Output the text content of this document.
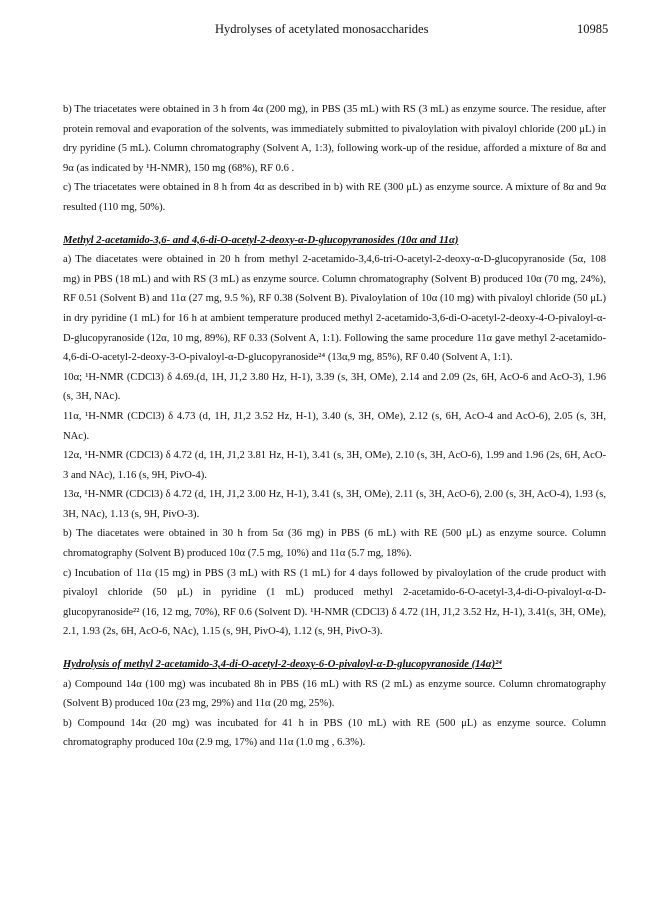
Hydrolyses of acetylated monosaccharides	10985

b) The triacetates were obtained in 3 h from 4α (200 mg), in PBS (35 mL) with RS (3 mL) as enzyme source. The residue, after protein removal and evaporation of the solvents, was immediately submitted to pivaloylation with pivaloyl chloride (200 μL) in dry pyridine (5 mL). Column chromatography (Solvent A, 1:3), following work-up of the residue, afforded a mixture of 8α and 9α (as indicated by ¹H-NMR), 150 mg (68%), RF 0.6 .

c) The triacetates were obtained in 8 h from 4α as described in b) with RE (300 μL) as enzyme source. A mixture of 8α and 9α resulted (110 mg, 50%).

Methyl 2-acetamido-3,6- and 4,6-di-O-acetyl-2-deoxy-α-D-glucopyranosides (10α and 11α)

a) The diacetates were obtained in 20 h from methyl 2-acetamido-3,4,6-tri-O-acetyl-2-deoxy-α-D-glucopyranoside (5α, 108 mg) in PBS (18 mL) and with RS (3 mL) as enzyme source. Column chromatography (Solvent B) produced 10α (70 mg, 24%), RF 0.51 (Solvent B) and 11α (27 mg, 9.5 %), RF 0.38 (Solvent B). Pivaloylation of 10α (10 mg) with pivaloyl chloride (50 μL) in dry pyridine (1 mL) for 16 h at ambient temperature produced methyl 2-acetamido-3,6-di-O-acetyl-2-deoxy-4-O-pivaloyl-α-D-glucopyranoside (12α, 10 mg, 89%), RF 0.33 (Solvent A, 1:1). Following the same procedure 11α gave methyl 2-acetamido-4,6-di-O-acetyl-2-deoxy-3-O-pivaloyl-α-D-glucopyranoside²⁴ (13α,9 mg, 85%), RF 0.40 (Solvent A, 1:1).

10α; ¹H-NMR (CDCl3) δ 4.69.(d, 1H, J1,2 3.80 Hz, H-1), 3.39 (s, 3H, OMe), 2.14 and 2.09 (2s, 6H, AcO-6 and AcO-3), 1.96 (s, 3H, NAc).

11α, ¹H-NMR (CDCl3) δ 4.73 (d, 1H, J1,2 3.52 Hz, H-1), 3.40 (s, 3H, OMe), 2.12 (s, 6H, AcO-4 and AcO-6), 2.05 (s, 3H, NAc).

12α, ¹H-NMR (CDCl3) δ 4.72 (d, 1H, J1,2 3.81 Hz, H-1), 3.41 (s, 3H, OMe), 2.10 (s, 3H, AcO-6), 1.99 and 1.96 (2s, 6H, AcO-3 and NAc), 1.16 (s, 9H, PivO-4).

13α, ¹H-NMR (CDCl3) δ 4.72 (d, 1H, J1,2 3.00 Hz, H-1), 3.41 (s, 3H, OMe), 2.11 (s, 3H, AcO-6), 2.00 (s, 3H, AcO-4), 1.93 (s, 3H, NAc), 1.13 (s, 9H, PivO-3).

b) The diacetates were obtained in 30 h from 5α (36 mg) in PBS (6 mL) with RE (500 μL) as enzyme source. Column chromatography (Solvent B) produced 10α (7.5 mg, 10%) and 11α (5.7 mg, 18%).

c) Incubation of 11α (15 mg) in PBS (3 mL) with RS (1 mL) for 4 days followed by pivaloylation of the crude product with pivaloyl chloride (50 μL) in pyridine (1 mL) produced methyl 2-acetamido-6-O-acetyl-3,4-di-O-pivaloyl-α-D-glucopyranoside²² (16, 12 mg, 70%), RF 0.6 (Solvent D). ¹H-NMR (CDCl3) δ 4.72 (1H, J1,2 3.52 Hz, H-1), 3.41(s, 3H, OMe), 2.1, 1.93 (2s, 6H, AcO-6, NAc), 1.15 (s, 9H, PivO-4), 1.12 (s, 9H, PivO-3).

Hydrolysis of methyl 2-acetamido-3,4-di-O-acetyl-2-deoxy-6-O-pivaloyl-α-D-glucopyranoside (14α)²⁴

a) Compound 14α (100 mg) was incubated 8h in PBS (16 mL) with RS (2 mL) as enzyme source. Column chromatography (Solvent B) produced 10α (23 mg, 29%) and 11α (20 mg, 25%).

b) Compound 14α (20 mg) was incubated for 41 h in PBS (10 mL) with RE (500 μL) as enzyme source. Column chromatography produced 10α (2.9 mg, 17%) and 11α (1.0 mg , 6.3%).
